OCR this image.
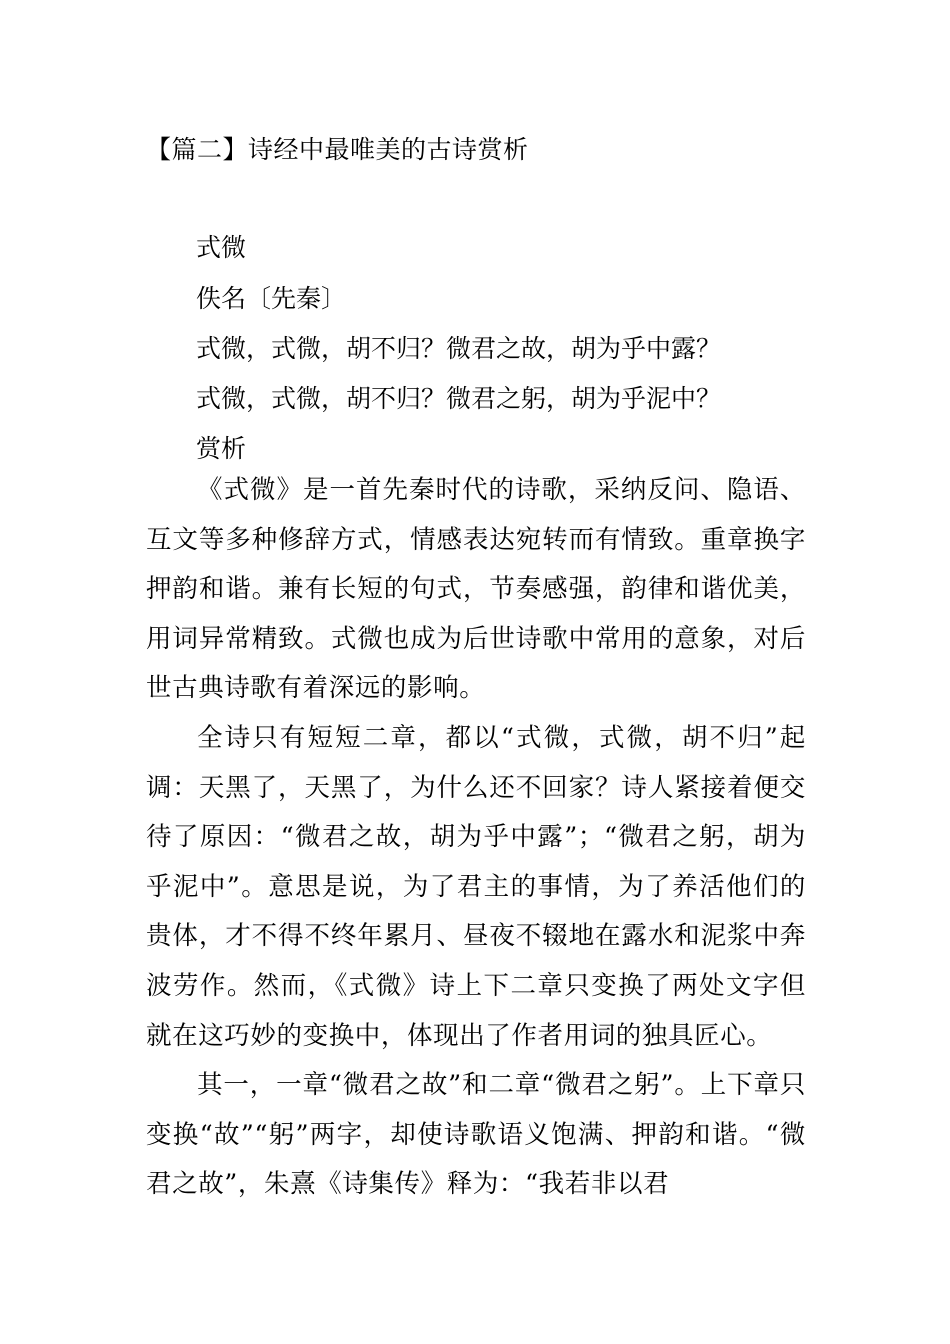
【篇二】诗经中最唯美的古诗赏析
式微
佚名〔先秦〕
式微，式微，胡不归？微君之故，胡为乎中露？
式微，式微，胡不归？微君之躬，胡为乎泥中？
赏析

《式微》是一首先秦时代的诗歌，采纳反问、隐语、互文等多种修辞方式，情感表达宛转而有情致。重章换字押韵和谐。兼有长短的句式，节奏感强，韵律和谐优美，用词异常精致。式微也成为后世诗歌中常用的意象，对后世古典诗歌有着深远的影响。

全诗只有短短二章，都以“式微，式微，胡不归”起调：天黑了，天黑了，为什么还不回家？诗人紧接着便交待了原因：“微君之故，胡为乎中露”；“微君之躬，胡为乎泥中”。意思是说，为了君主的事情，为了养活他们的贵体，才不得不终年累月、昼夜不辍地在露水和泥浆中奔波劳作。然而，《式微》诗上下二章只变换了两处文字但就在这巧妙的变换中，体现出了作者用词的独具匠心。

其一，一章“微君之故”和二章“微君之躬”。上下章只变换“故”“躬”两字，却使诗歌语义饱满、押韵和谐。“微君之故”，朱熹《诗集传》释为：“我若非以君
